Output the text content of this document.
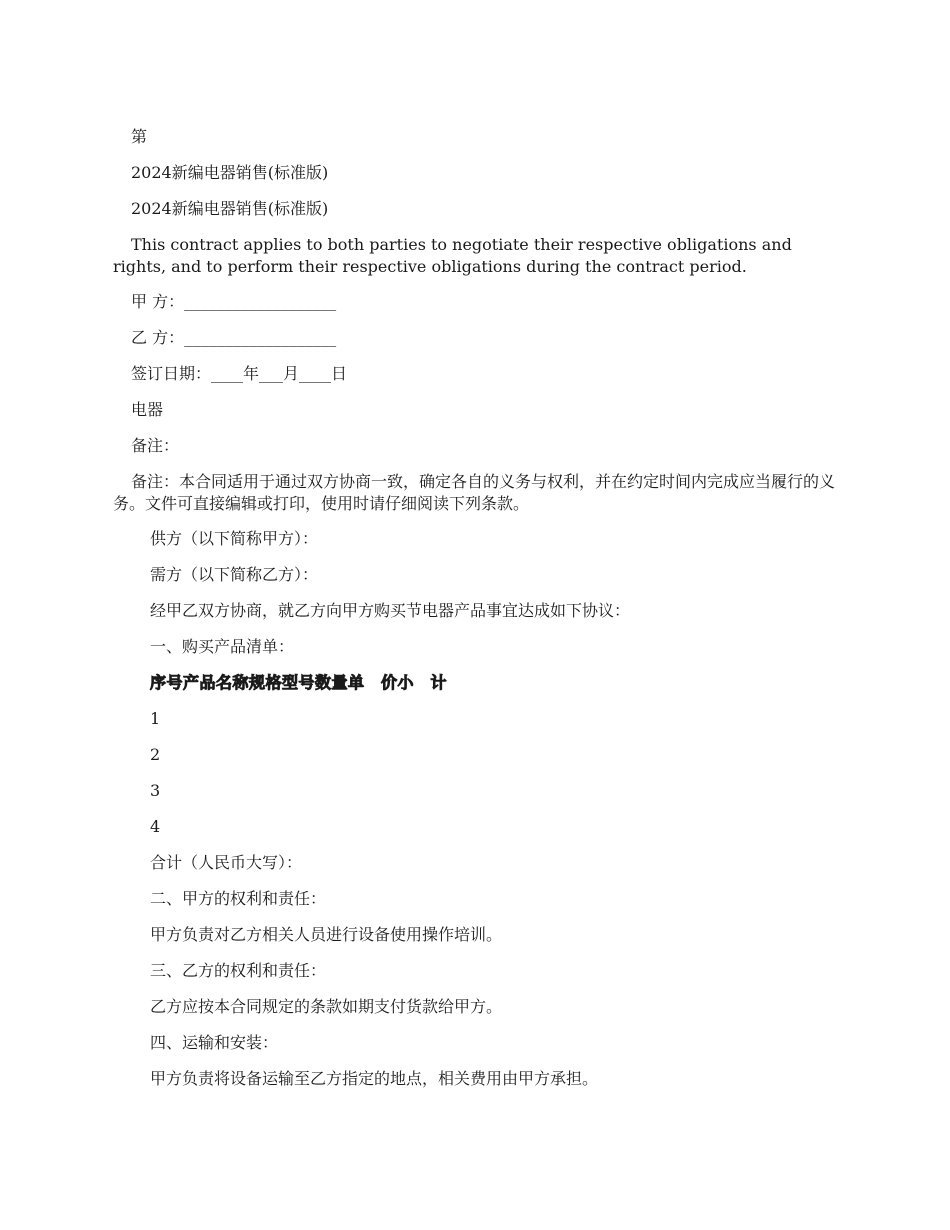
第
2024新编电器销售(标准版)
2024新编电器销售(标准版)
This contract applies to both parties to negotiate their respective obligations and rights, and to perform their respective obligations during the contract period.
甲 方：___________________
乙 方：___________________
签订日期：____年___月____日
电器
备注：
备注：本合同适用于通过双方协商一致，确定各自的义务与权利，并在约定时间内完成应当履行的义务。文件可直接编辑或打印，使用时请仔细阅读下列条款。
供方（以下简称甲方）：
需方（以下简称乙方）：
经甲乙双方协商，就乙方向甲方购买节电器产品事宜达成如下协议：
一、购买产品清单：
序号产品名称规格型号数量单　价小　计
1
2
3
4
合计（人民币大写）：
二、甲方的权利和责任：
甲方负责对乙方相关人员进行设备使用操作培训。
三、乙方的权利和责任：
乙方应按本合同规定的条款如期支付货款给甲方。
四、运输和安装：
甲方负责将设备运输至乙方指定的地点，相关费用由甲方承担。
